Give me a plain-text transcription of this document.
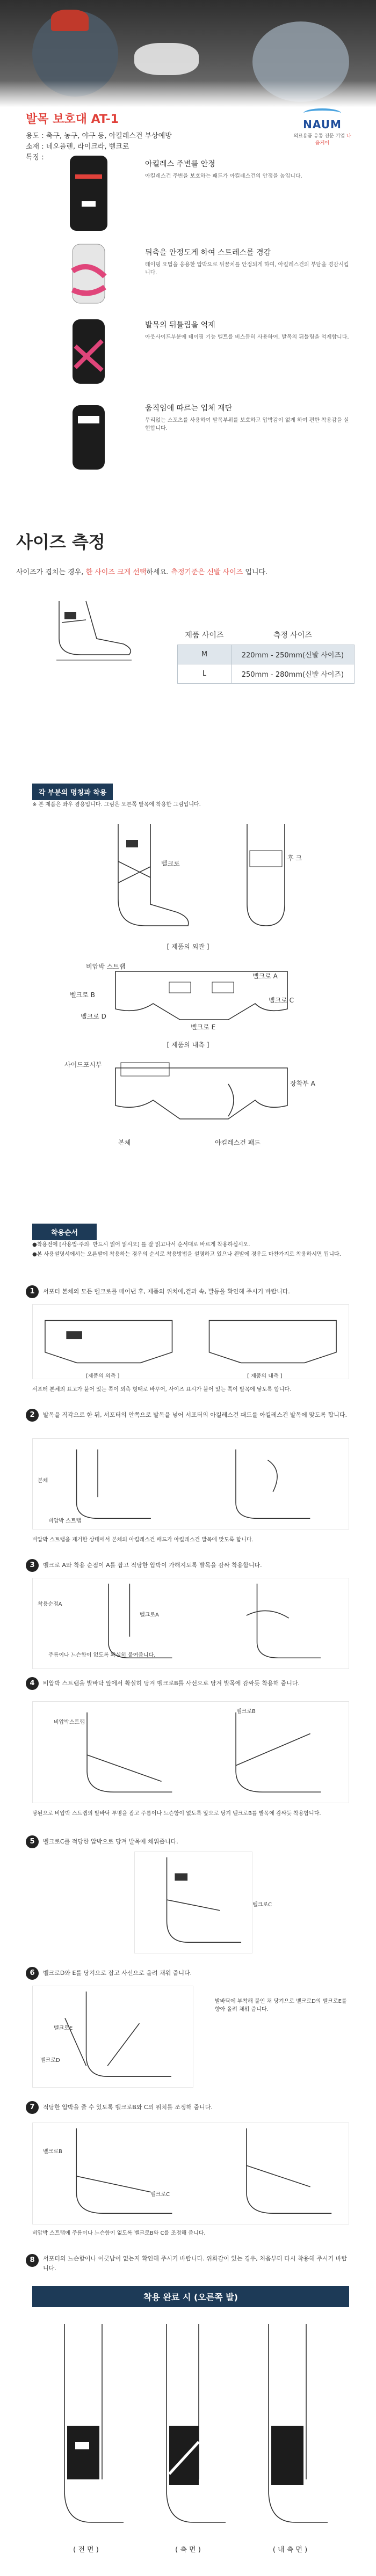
발목 보호대 AT-1	NAUM
의료용품 유통 전문 기업 나움케어
용도 : 축구, 농구, 야구 등, 아킬레스건 부상예방
소재 : 네오플렌, 라이크라, 벨크로
특징 :
아킬레스 주변를 안정
아킬레스건 주변을 보호하는 패드가 아킬레스건의 안정을 높입니다.
뒤축을 안정도게 하여 스트레스를 경감
테이핑 요법을 응용한 압박으로 뒤꿈치를 안정되게 하여, 아킬레스건의 부담을 경감시킵니다.
발목의 뒤틀림을 억제
아웃사이드부분에 테이핑 기능 벨트를 비스듬히 사용하여, 발목의 뒤틀림을 억제합니다.
움직임에 따르는 입체 재단
무리없는 스포츠를 사용하여 발목부위를 보호하고 압박감이 없게 하여 편한 착용감을 실현합니다.
사이즈 측정
사이즈가 겹치는 경우, 한 사이즈 크게 선택하세요. 측정기준은 신발 사이즈 입니다.
제품 사이즈	측정 사이즈
M	220mm - 250mm(신발 사이즈)
L	250mm - 280mm(신발 사이즈)
각 부분의 명칭과 착용
※ 본 제품은 좌우 겸용입니다. 그림은 오른쪽 발목에 착용한 그림입니다.
벨크로
후 크
[ 제품의 외관 ]
비압박 스트랩
벨크로 A
벨크로 B
벨크로 C
벨크로 D
벨크로 E
[ 제품의 내측 ]
사이드포시부
장착부 A
본체	아킬레스건 패드
착용순서
●착용전에 [사용법·주의· 반드시 읽어 읽시오] 를 잘 읽고나서 순서대로 바르게 착용하십시오.
●본 사용설명서에서는 오른발에 착용하는 경우의 순서로 착용방법을 설명하고 있으나 왼발에 경우도 마찬가지로 착용하시면 됩니다.
1 서포터 본체의 모든 벨크로를 떼어낸 후, 제품의 위치에,겉과 속, 발등을 확인해 주시기 바랍니다.
[제품의 외측 ]	[ 제품의 내측 ]
서포터 본체의 표고가 붙어 있는 쪽이 외측 형태로 바꾸어, 사이즈 표시가 붙어 있는 쪽이 발목에 닿도록 합니다.
2 발목을 직각으로 한 뒤, 서포터의 안쪽으로 발목을 넣어 서포터의 아킬레스건 패드를 아킬레스건 발목에 맞도록 합니다.
본체
비압박 스트랩
비압박 스트랩을 제거한 상태에서 본체의 아킬레스건 패드가 아킬레스건 발목에 맞도록 합니다.
3 벨크로 A와 착용 순점이 A를 잡고 적당한 압박이 가해지도록 발목을 감싸 착용합니다.
착용순점A
벨크로A
주름이나 느슨함이 없도록 확실히 붙여줍니다.
4 비압박 스트랩을 발바닥 앞에서 확실히 당겨 벨크로B를 사선으로 당겨 발목에 감싸듯 착용해 줍니다.
비압박스트랩
벨크로B
당된으로 비압박 스트랩의 발바닥 투명을 잡고 주름이나 느슨함이 없도록 앞으로 당겨 벨크로B를 발목에 감싸듯 착용합니다.
5 벨크로C를 적당한 압박으로 당겨 발목에 채워줍니다.
벨크로C
6 벨크로D와 E를 당겨으로 잡고 사선으로 올려 채워 줍니다.
벨크로E
벨크로D
발바닥에 부착해 붙인 채 당겨으로 벨크로D의 벨크로E를 향아 올려 채워 줍니다.
7 적당한 압박을 줄 수 있도록 벨크로B와 C의 위치를 조정해 줍니다.
벨크로B
벨크로C
비압박 스트랩에 주름이나 느슨함이 없도록 벨크로B와 C를 조정해 줍니다.
8 서포터의 느슨함이나 어긋남이 없는지 확인해 주시기 바랍니다. 위화감이 있는 경우, 처음부터 다시 착용해 주시기 바랍니다.
착용 완료 시 (오른쪽 발)
( 전 면 )	( 측 면 )	( 내 측 면 )
